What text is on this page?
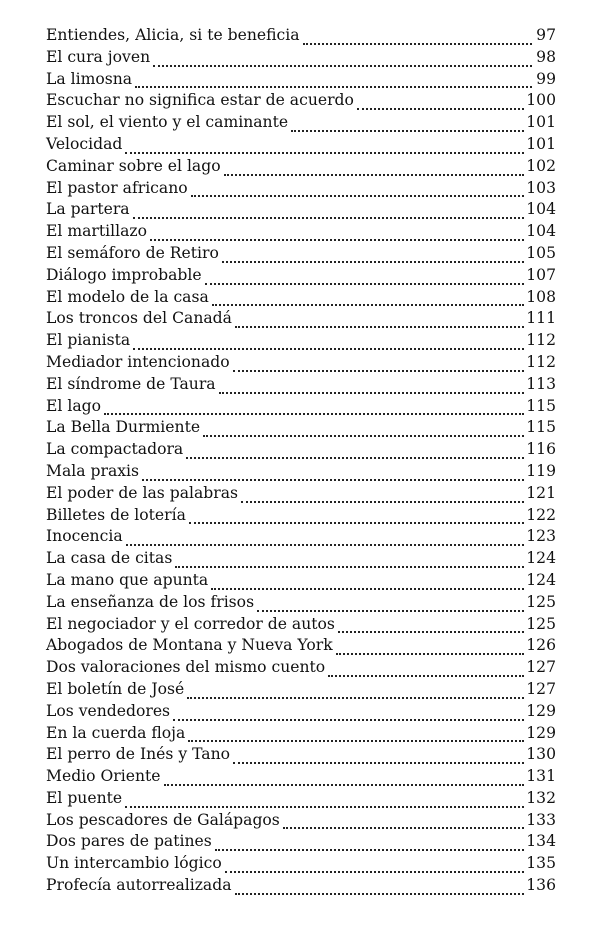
Entiendes, Alicia, si te beneficia	97
El cura joven	98
La limosna	99
Escuchar no significa estar de acuerdo	100
El sol, el viento y el caminante	101
Velocidad	101
Caminar sobre el lago	102
El pastor africano	103
La partera	104
El martillazo	104
El semáforo de Retiro	105
Diálogo improbable	107
El modelo de la casa	108
Los troncos del Canadá	111
El pianista	112
Mediador intencionado	112
El síndrome de Taura	113
El lago	115
La Bella Durmiente	115
La compactadora	116
Mala praxis	119
El poder de las palabras	121
Billetes de lotería	122
Inocencia	123
La casa de citas	124
La mano que apunta	124
La enseñanza de los frisos	125
El negociador y el corredor de autos	125
Abogados de Montana y Nueva York	126
Dos valoraciones del mismo cuento	127
El boletín de José	127
Los vendedores	129
En la cuerda floja	129
El perro de Inés y Tano	130
Medio Oriente	131
El puente	132
Los pescadores de Galápagos	133
Dos pares de patines	134
Un intercambio lógico	135
Profecía autorrealizada	136
